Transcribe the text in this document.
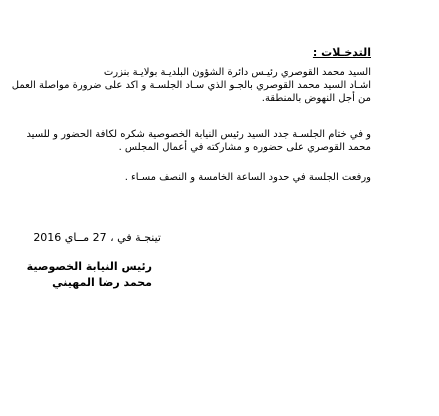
التدخـلات :

السيد محمد القوصري رئيـس دائرة الشؤون البلديـة بولايـة بنزرت

اشـاد السيد محمد القوصري بالجـو الذي سـاد الجلسـة و اكد على ضرورة مواصلة العمل من أجل النهوض بالمنطقة.

و في ختام الجلسـة جدد السيد رئيس النيابة الخصوصية شكره لكافة الحضور و للسيد محمد القوصري على حضوره و مشاركته في أعمال المجلس .

ورفعت الجلسة في حدود الساعة الخامسة و النصف مسـاء .

تينجـة في ، 27 مــاي 2016
رئيس النيابة الخصوصية
محمد رضا المهيني
